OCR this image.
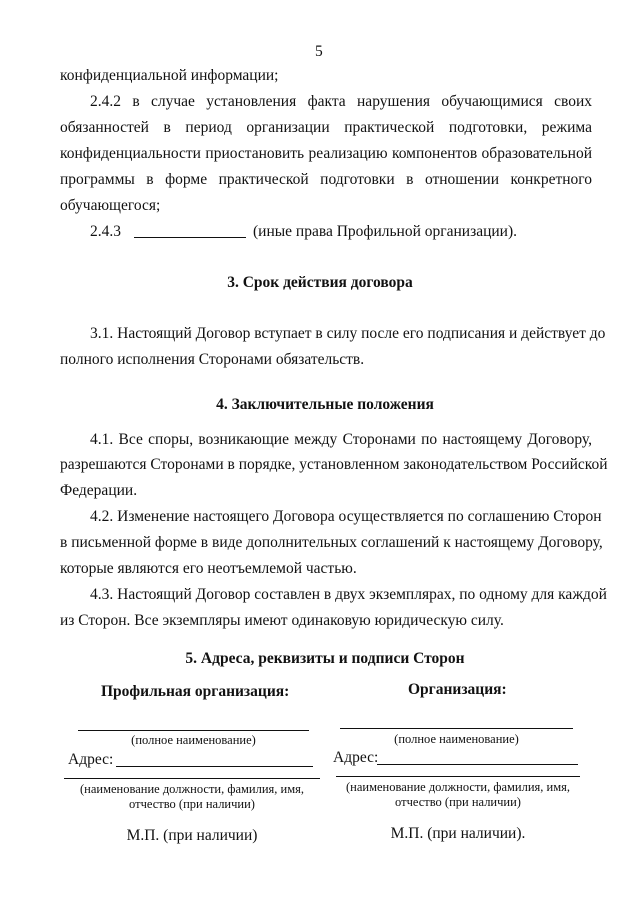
5
конфиденциальной информации;
2.4.2 в случае установления факта нарушения обучающимися своих
обязанностей в период организации практической подготовки, режима
конфиденциальности приостановить реализацию компонентов образовательной
программы в форме практической подготовки в отношении конкретного
обучающегося;
2.4.3	(иные права Профильной организации).
3. Срок действия договора
3.1. Настоящий Договор вступает в силу после его подписания и действует до
полного исполнения Сторонами обязательств.
4. Заключительные положения
4.1. Все споры, возникающие между Сторонами по настоящему Договору,
разрешаются Сторонами в порядке, установленном законодательством Российской
Федерации.
4.2. Изменение настоящего Договора осуществляется по соглашению Сторон
в письменной форме в виде дополнительных соглашений к настоящему Договору,
которые являются его неотъемлемой частью.
4.3. Настоящий Договор составлен в двух экземплярах, по одному для каждой
из Сторон. Все экземпляры имеют одинаковую юридическую силу.
5. Адреса, реквизиты и подписи Сторон
Профильная организация:
(полное наименование)
Адрес:
(наименование должности, фамилия, имя,
отчество (при наличии)
М.П. (при наличии)
Организация:
(полное наименование)
Адрес:
(наименование должности, фамилия, имя,
отчество (при наличии)
М.П. (при наличии).
